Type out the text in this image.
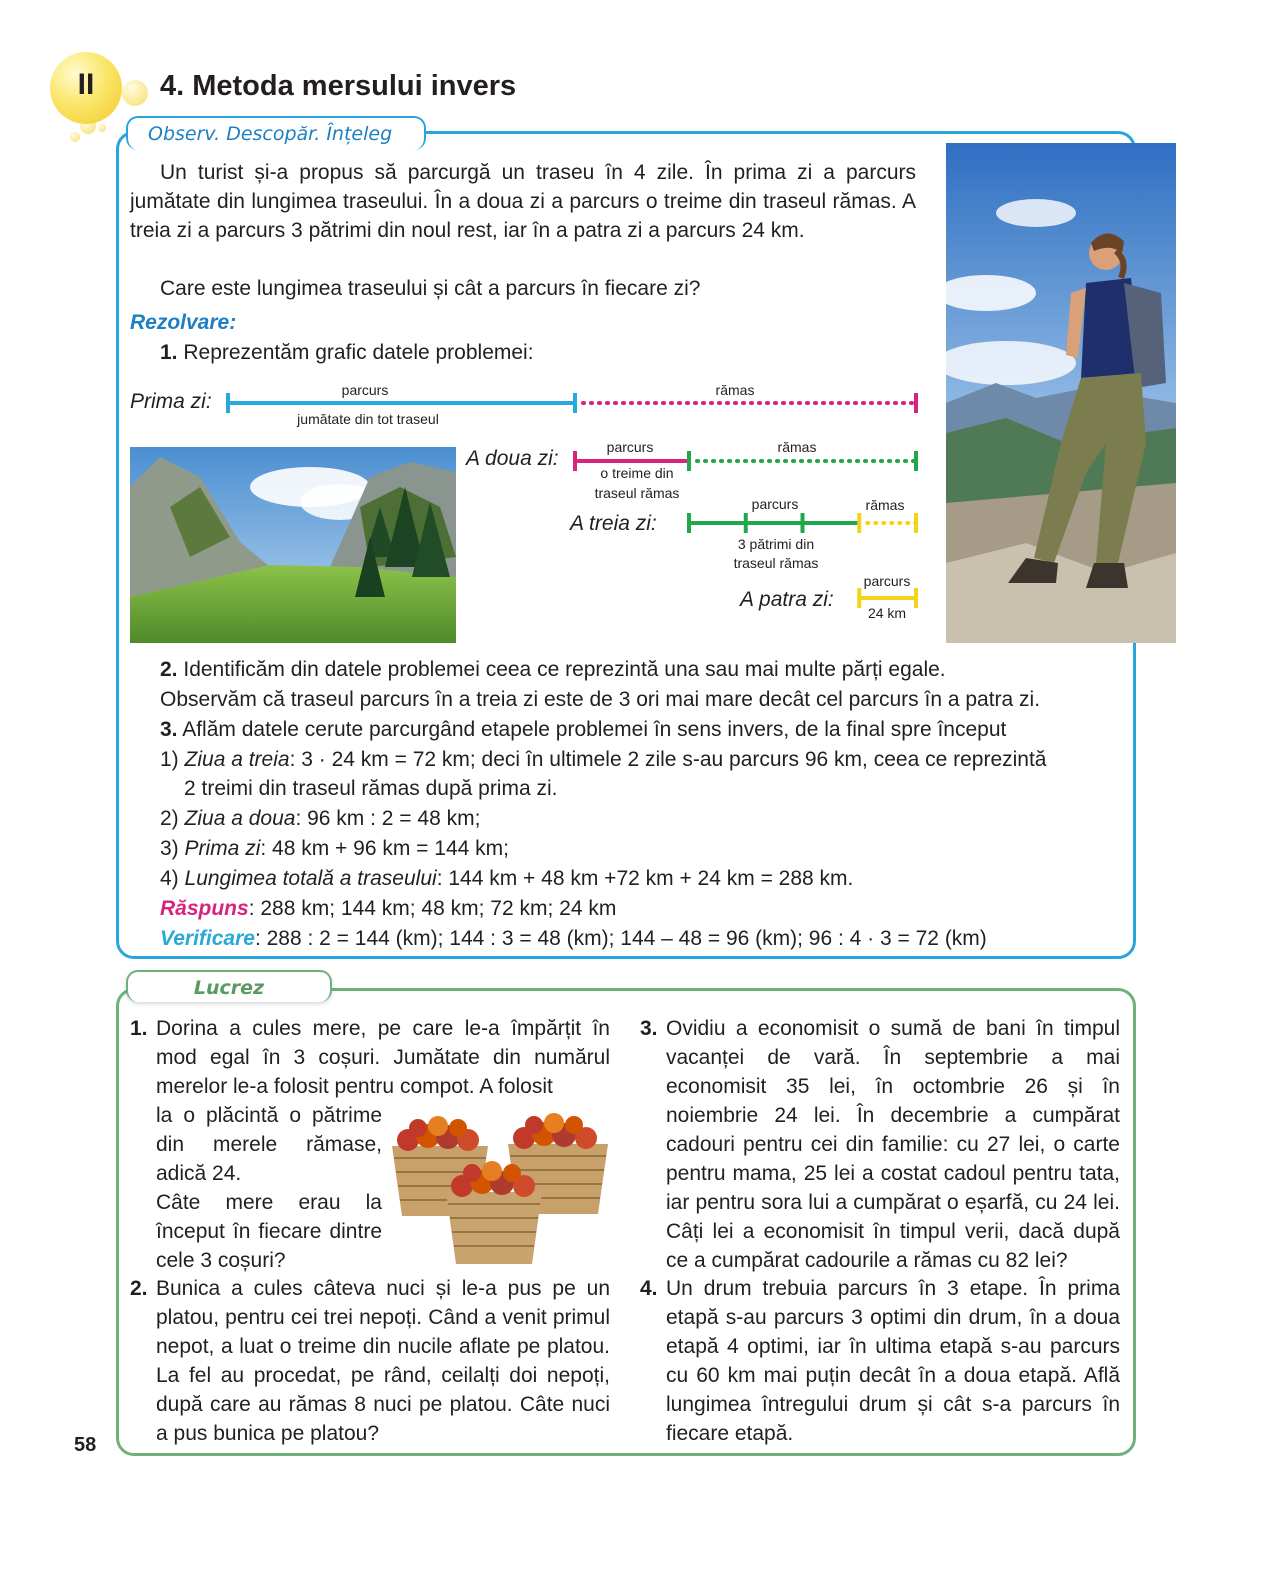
II	4. Metoda mersului invers
Observ. Descopăr. Înțeleg
Un turist și-a propus să parcurgă un traseu în 4 zile. În prima zi a parcurs jumătate din lungimea traseului. În a doua zi a parcurs o treime din traseul rămas. A treia zi a parcurs 3 pătrimi din noul rest, iar în a patra zi a parcurs 24 km.
Care este lungimea traseului și cât a parcurs în fiecare zi?
Rezolvare:
1. Reprezentăm grafic datele problemei:
Prima zi:	parcurs
jumătate din tot traseul
rămas
A doua zi:	parcurs
o treime din
traseul rămas
rămas
A treia zi:
parcurs
3 pătrimi din
traseul rămas
rămas
A patra zi:
parcurs
24 km
2. Identificăm din datele problemei ceea ce reprezintă una sau mai multe părți egale.
Observăm că traseul parcurs în a treia zi este de 3 ori mai mare decât cel parcurs în a patra zi.
3. Aflăm datele cerute parcurgând etapele problemei în sens invers, de la final spre început
1) Ziua a treia: 3 · 24 km = 72 km; deci în ultimele 2 zile s-au parcurs 96 km, ceea ce reprezintă
2 treimi din traseul rămas după prima zi.
2) Ziua a doua: 96 km : 2 = 48 km;
3) Prima zi: 48 km + 96 km = 144 km;
4) Lungimea totală a traseului: 144 km + 48 km +72 km + 24 km = 288 km.
Răspuns: 288 km; 144 km; 48 km; 72 km; 24 km
Verificare: 288 : 2 = 144 (km); 144 : 3 = 48 (km); 144 – 48 = 96 (km); 96 : 4 · 3 = 72 (km)
Lucrez
1. Dorina a cules mere, pe care le-a împărțit în mod egal în 3 coșuri. Jumătate din numărul merelor le-a folosit pentru compot. A folosit
la o plăcintă o pătrime din merele rămase, adică 24.
Câte mere erau la început în fiecare dintre cele 3 coșuri?
2. Bunica a cules câteva nuci și le-a pus pe un platou, pentru cei trei nepoți. Când a venit primul nepot, a luat o treime din nucile aflate pe platou. La fel au procedat, pe rând, ceilalți doi nepoți, după care au rămas 8 nuci pe platou. Câte nuci a pus bunica pe platou?
3. Ovidiu a economisit o sumă de bani în timpul vacanței de vară. În septembrie a mai economisit 35 lei, în octombrie 26 și în noiembrie 24 lei. În decembrie a cumpărat cadouri pentru cei din familie: cu 27 lei, o carte pentru mama, 25 lei a costat cadoul pentru tata, iar pentru sora lui a cumpărat o eșarfă, cu 24 lei. Câți lei a economisit în timpul verii, dacă după ce a cumpărat cadourile a rămas cu 82 lei?
4. Un drum trebuia parcurs în 3 etape. În prima etapă s-au parcurs 3 optimi din drum, în a doua etapă 4 optimi, iar în ultima etapă s-au parcurs cu 60 km mai puțin decât în a doua etapă. Află lungimea întregului drum și cât s-a parcurs în fiecare etapă.
58
